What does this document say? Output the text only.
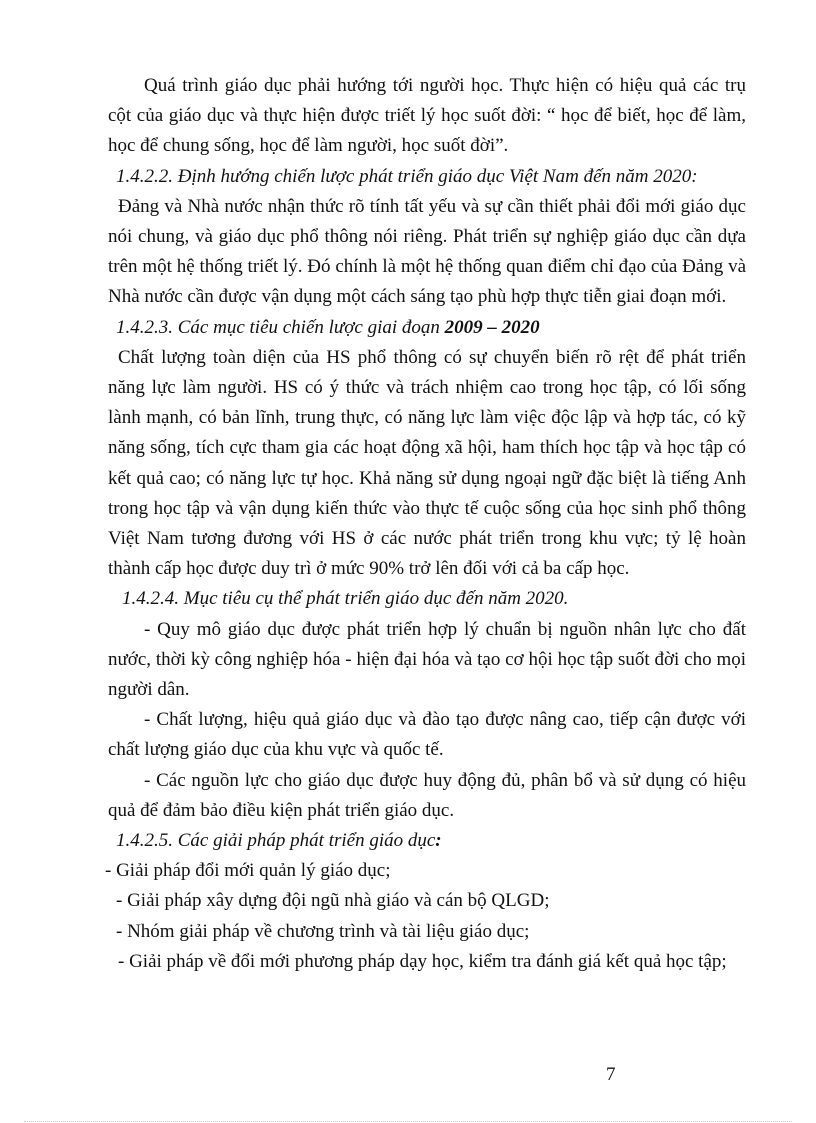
Quá trình giáo dục phải hướng tới người học. Thực hiện có hiệu quả các trụ cột của giáo dục và thực hiện được triết lý học suốt đời: “ học để biết, học để làm, học để chung sống, học để làm người, học suốt đời”.

1.4.2.2. Định hướng chiến lược phát triển giáo dục Việt Nam đến năm 2020:

Đảng và Nhà nước nhận thức rõ tính tất yếu và sự cần thiết phải đổi mới giáo dục nói chung, và giáo dục phổ thông nói riêng. Phát triển sự nghiệp giáo dục cần dựa trên một hệ thống triết lý. Đó chính là một hệ thống quan điểm chỉ đạo của Đảng và Nhà nước cần được vận dụng một cách sáng tạo phù hợp thực tiễn giai đoạn mới.

1.4.2.3. Các mục tiêu chiến lược giai đoạn 2009 – 2020

Chất lượng toàn diện của HS phổ thông có sự chuyển biến rõ rệt để phát triển năng lực làm người. HS có ý thức và trách nhiệm cao trong học tập, có lối sống lành mạnh, có bản lĩnh, trung thực, có năng lực làm việc độc lập và hợp tác, có kỹ năng sống, tích cực tham gia các hoạt động xã hội, ham thích học tập và học tập có kết quả cao; có năng lực tự học. Khả năng sử dụng ngoại ngữ đặc biệt là tiếng Anh trong học tập và vận dụng kiến thức vào thực tế cuộc sống của học sinh phổ thông Việt Nam tương đương với HS ở các nước phát triển trong khu vực; tỷ lệ hoàn thành cấp học được duy trì ở mức 90% trở lên đối với cả ba cấp học.

1.4.2.4. Mục tiêu cụ thể phát triển giáo dục đến năm 2020.

- Quy mô giáo dục được phát triển hợp lý chuẩn bị nguồn nhân lực cho đất nước, thời kỳ công nghiệp hóa - hiện đại hóa và tạo cơ hội học tập suốt đời cho mọi người dân.

- Chất lượng, hiệu quả giáo dục và đào tạo được nâng cao, tiếp cận được với chất lượng giáo dục của khu vực và quốc tế.

- Các nguồn lực cho giáo dục được huy động đủ, phân bổ và sử dụng có hiệu quả để đảm bảo điều kiện phát triển giáo dục.

1.4.2.5. Các giải pháp phát triển giáo dục:

- Giải pháp đổi mới quản lý giáo dục;

- Giải pháp xây dựng đội ngũ nhà giáo và cán bộ QLGD;

- Nhóm giải pháp về chương trình và tài liệu giáo dục;

- Giải pháp về đổi mới phương pháp dạy học, kiểm tra đánh giá kết quả học tập;

7
